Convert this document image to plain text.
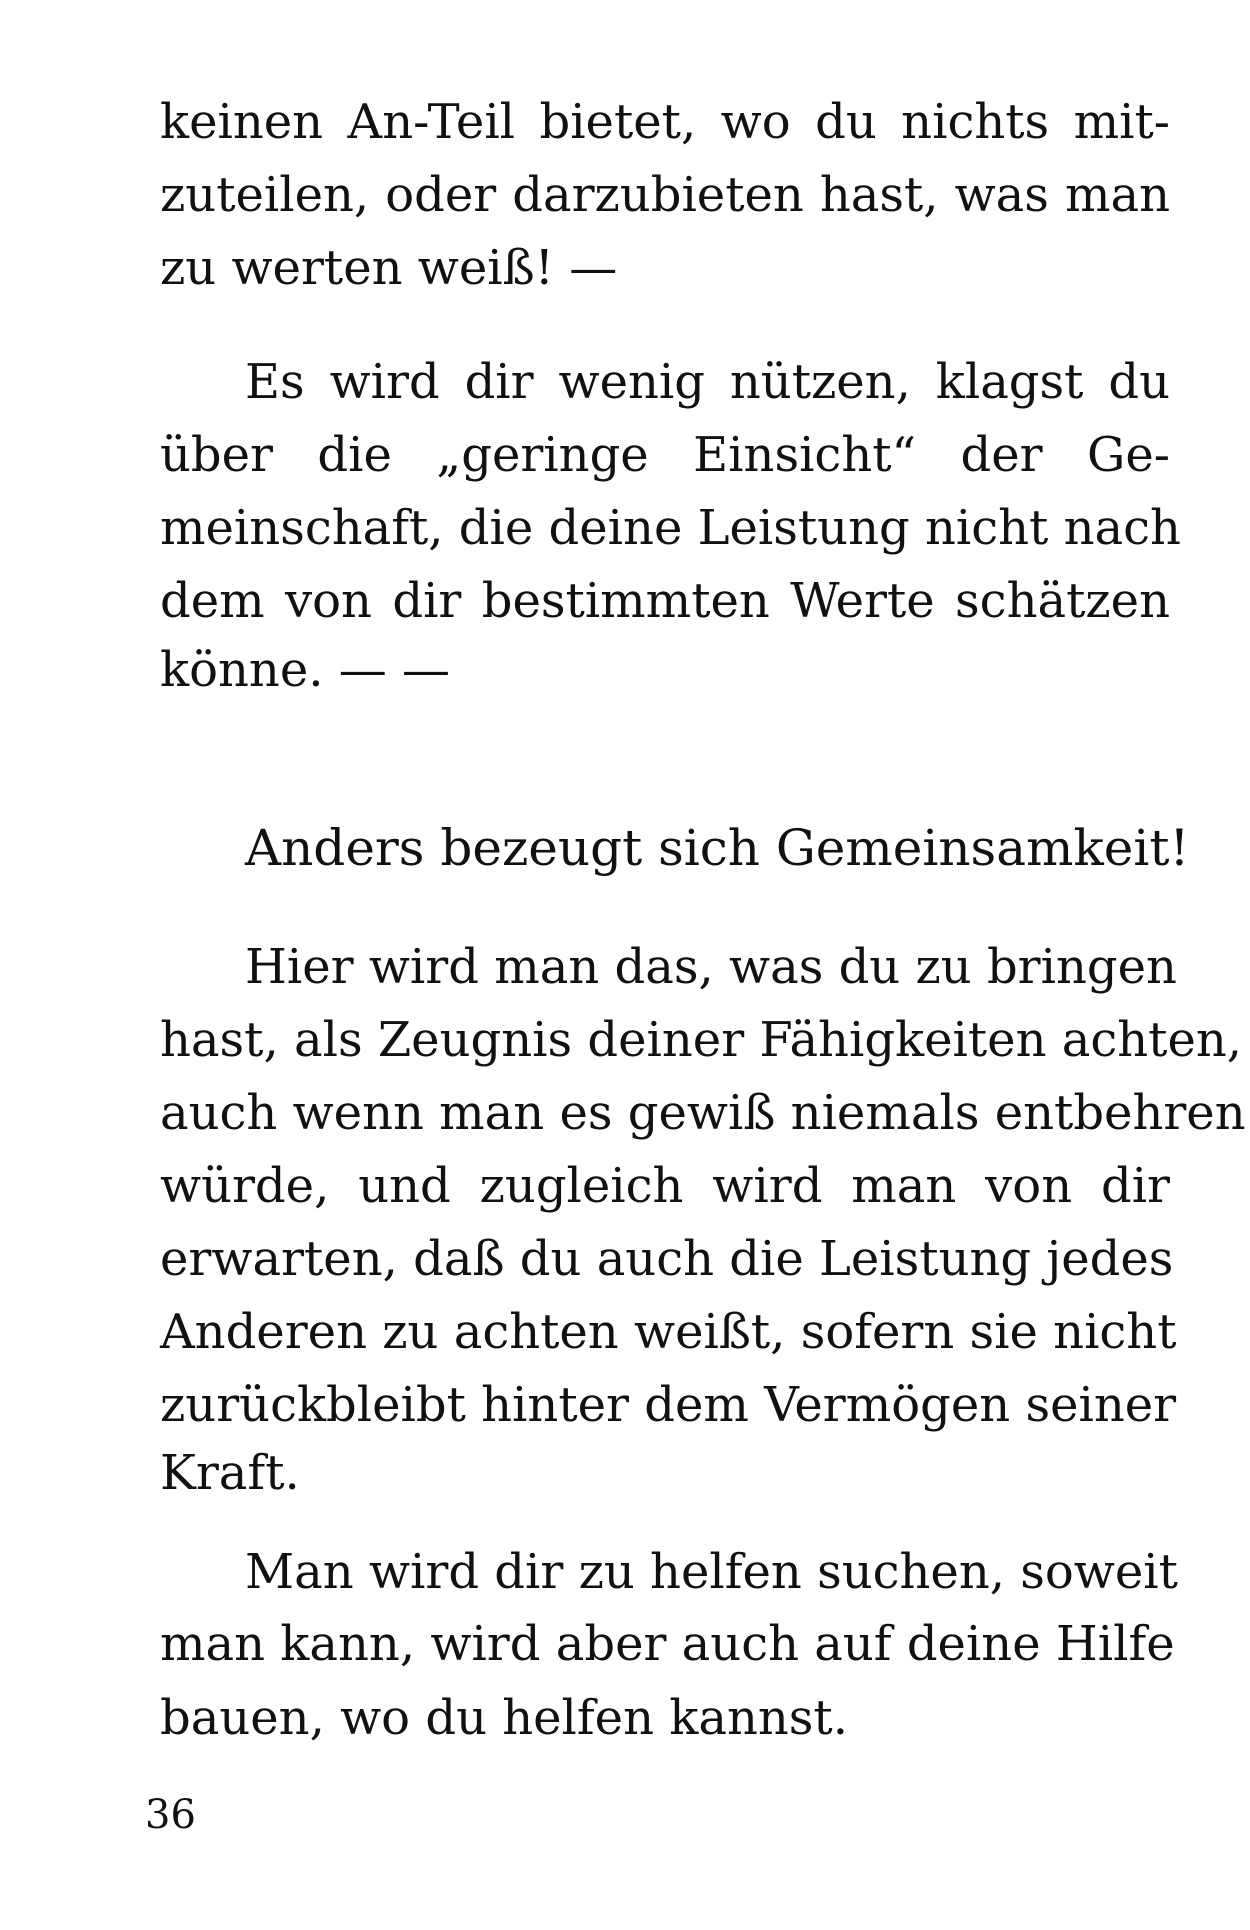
keinen An-Teil bietet, wo du nichts mit-
zuteilen, oder darzubieten hast, was man
zu werten weiß! —
Es wird dir wenig nützen, klagst du
über die „geringe Einsicht“ der Ge-
meinschaft, die deine Leistung nicht nach
dem von dir bestimmten Werte schätzen
könne. — —
Anders bezeugt sich Gemeinsamkeit!
Hier wird man das, was du zu bringen
hast, als Zeugnis deiner Fähigkeiten achten,
auch wenn man es gewiß niemals entbehren
würde, und zugleich wird man von dir
erwarten, daß du auch die Leistung jedes
Anderen zu achten weißt, sofern sie nicht
zurückbleibt hinter dem Vermögen seiner
Kraft.
Man wird dir zu helfen suchen, soweit
man kann, wird aber auch auf deine Hilfe
bauen, wo du helfen kannst.
36
